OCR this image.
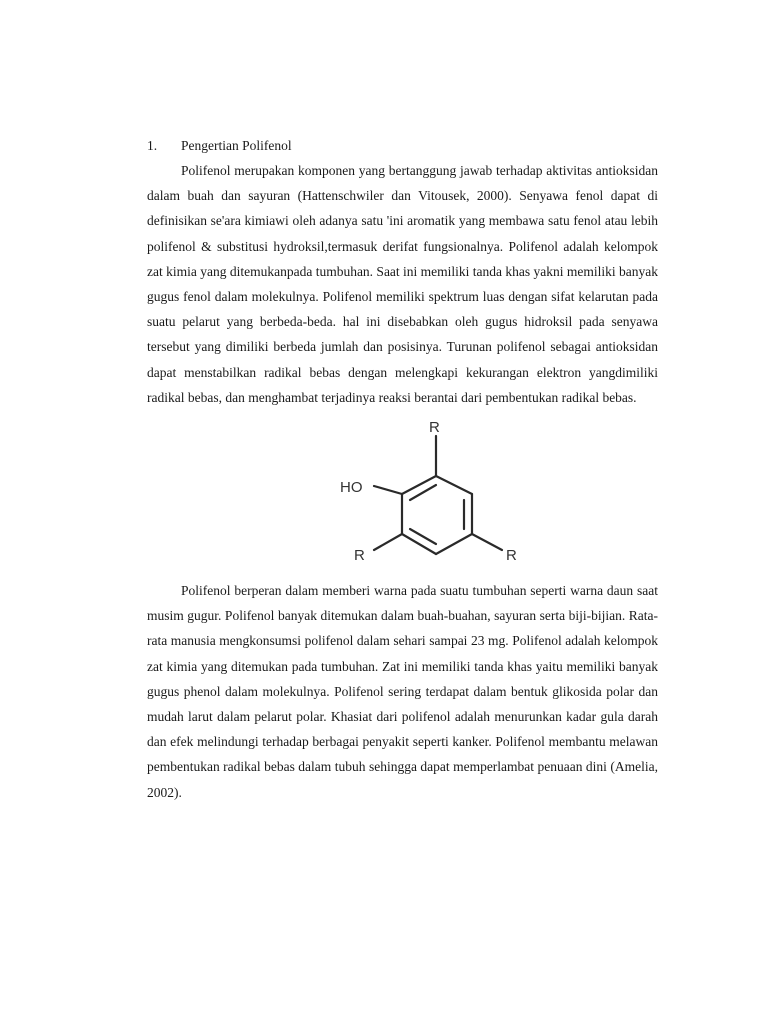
1.	Pengertian Polifenol

Polifenol merupakan komponen yang bertanggung jawab terhadap aktivitas antioksidan dalam buah dan sayuran (Hattenschwiler dan Vitousek, 2000). Senyawa fenol dapat di definisikan se'ara kimiawi oleh adanya satu 'ini aromatik yang membawa satu fenol atau lebih polifenol & substitusi hydroksil,termasuk derifat fungsionalnya. Polifenol adalah kelompok zat kimia yang ditemukanpada tumbuhan. Saat ini memiliki tanda khas yakni memiliki banyak gugus fenol dalam molekulnya. Polifenol memiliki spektrum luas dengan sifat kelarutan pada suatu pelarut yang berbeda-beda. hal ini disebabkan oleh gugus hidroksil pada senyawa tersebut yang dimiliki berbeda jumlah dan posisinya. Turunan polifenol sebagai antioksidan dapat menstabilkan radikal bebas dengan melengkapi kekurangan elektron yangdimiliki radikal bebas, dan menghambat terjadinya reaksi berantai dari pembentukan radikal bebas.

HO
R
R	R

Polifenol berperan dalam memberi warna pada suatu tumbuhan seperti warna daun saat musim gugur. Polifenol banyak ditemukan dalam buah-buahan, sayuran serta biji-bijian. Rata-rata manusia mengkonsumsi polifenol dalam sehari sampai 23 mg. Polifenol adalah kelompok zat kimia yang ditemukan pada tumbuhan. Zat ini memiliki tanda khas yaitu memiliki banyak gugus phenol dalam molekulnya. Polifenol sering terdapat dalam bentuk glikosida polar dan mudah larut dalam pelarut polar. Khasiat dari polifenol adalah menurunkan kadar gula darah dan efek melindungi terhadap berbagai penyakit seperti kanker. Polifenol membantu melawan pembentukan radikal bebas dalam tubuh sehingga dapat memperlambat penuaan dini (Amelia, 2002).
